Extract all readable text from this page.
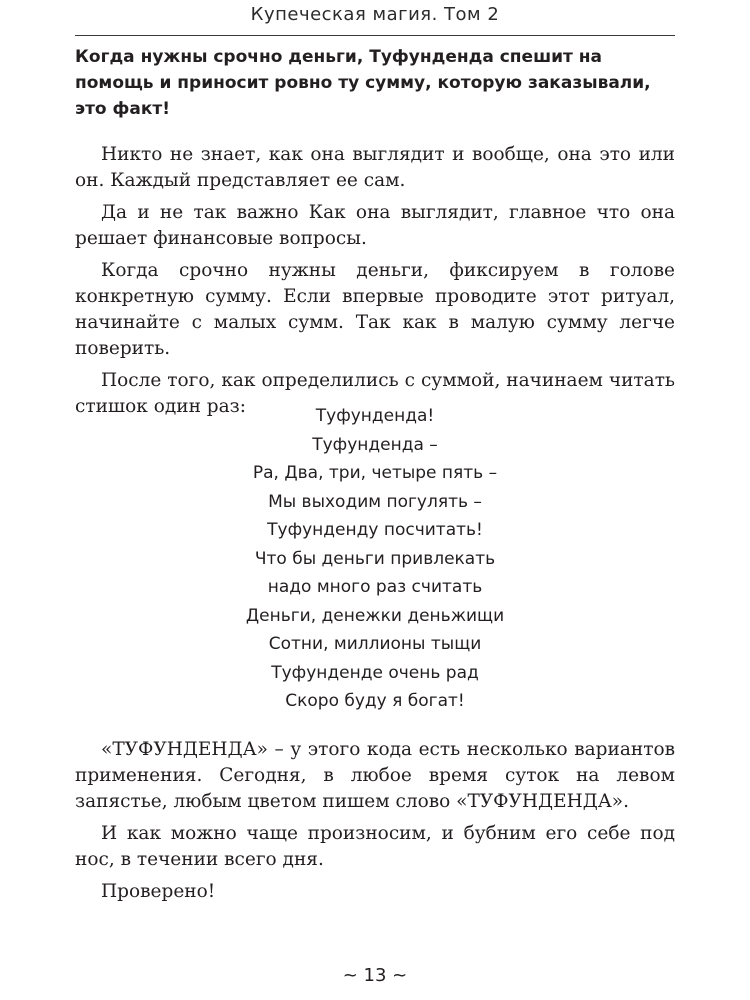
Купеческая магия. Том 2

Когда нужны срочно деньги, Туфунденда спешит на помощь и приносит ровно ту сумму, которую заказывали, это факт!

Никто не знает, как она выглядит и вообще, она это или он. Каждый представляет ее сам.

Да и не так важно Как она выглядит, главное что она решает финансовые вопросы.

Когда срочно нужны деньги, фиксируем в голове конкретную сумму. Если впервые проводите этот ритуал, начинайте с малых сумм. Так как в малую сумму легче поверить.

После того, как определились с суммой, начинаем читать стишок один раз:	Туфунденда!
Туфунденда –
Ра, Два, три, четыре пять –
Мы выходим погулять –
Туфунденду посчитать!
Что бы деньги привлекать
надо много раз считать
Деньги, денежки деньжищи
Сотни, миллионы тыщи
Туфунденде очень рад
Скоро буду я богат!

«ТУФУНДЕНДА» – у этого кода есть несколько вариантов применения. Сегодня, в любое время суток на левом запястье, любым цветом пишем слово «ТУФУНДЕНДА».

И как можно чаще произносим, и бубним его себе под нос, в течении всего дня.

Проверено!

~ 13 ~
